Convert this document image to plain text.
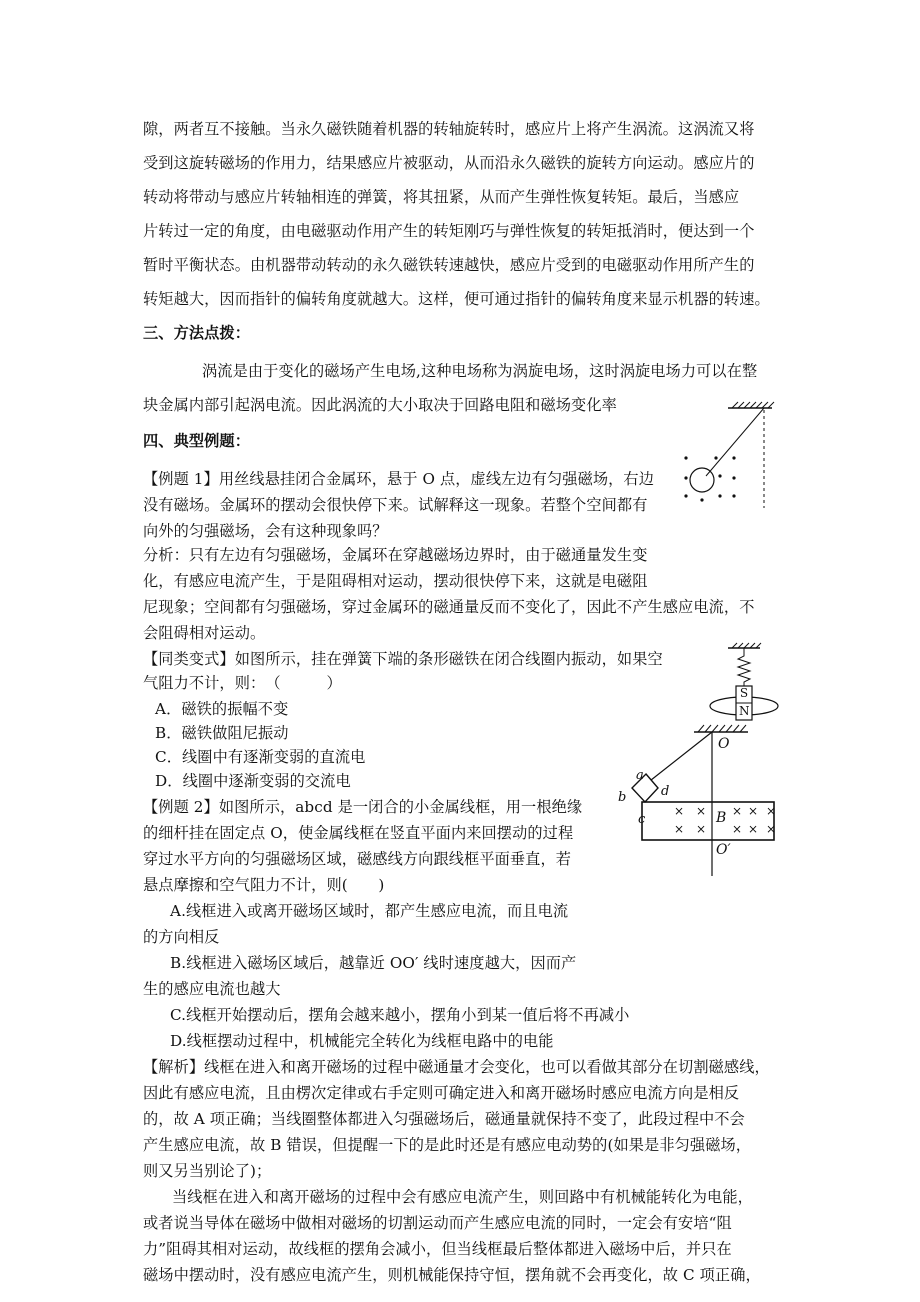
隙，两者互不接触。当永久磁铁随着机器的转轴旋转时，感应片上将产生涡流。这涡流又将
受到这旋转磁场的作用力，结果感应片被驱动，从而沿永久磁铁的旋转方向运动。感应片的
转动将带动与感应片转轴相连的弹簧，将其扭紧，从而产生弹性恢复转矩。最后，当感应
片转过一定的角度，由电磁驱动作用产生的转矩刚巧与弹性恢复的转矩抵消时，便达到一个
暂时平衡状态。由机器带动转动的永久磁铁转速越快，感应片受到的电磁驱动作用所产生的
转矩越大，因而指针的偏转角度就越大。这样，便可通过指针的偏转角度来显示机器的转速。
三、方法点拨：
涡流是由于变化的磁场产生电场,这种电场称为涡旋电场，这时涡旋电场力可以在整
块金属内部引起涡电流。因此涡流的大小取决于回路电阻和磁场变化率
四、典型例题：
【例题 1】用丝线悬挂闭合金属环，悬于 O 点，虚线左边有匀强磁场，右边
没有磁场。金属环的摆动会很快停下来。试解释这一现象。若整个空间都有
向外的匀强磁场，会有这种现象吗？
分析：只有左边有匀强磁场，金属环在穿越磁场边界时，由于磁通量发生变
化，有感应电流产生，于是阻碍相对运动，摆动很快停下来，这就是电磁阻
尼现象；空间都有匀强磁场，穿过金属环的磁通量反而不变化了，因此不产生感应电流，不
会阻碍相对运动。
【同类变式】如图所示，挂在弹簧下端的条形磁铁在闭合线圈内振动，如果空
气阻力不计，则：　（　　　）
A．磁铁的振幅不变
B．磁铁做阻尼振动
C．线圈中有逐渐变弱的直流电
D．线圈中逐渐变弱的交流电
S
N
【例题 2】如图所示，abcd 是一闭合的小金属线框，用一根绝缘
的细杆挂在固定点 O，使金属线框在竖直平面内来回摆动的过程
穿过水平方向的匀强磁场区域，磁感线方向跟线框平面垂直，若
悬点摩擦和空气阻力不计，则(　　)
A.线框进入或离开磁场区域时，都产生感应电流，而且电流
的方向相反
B.线框进入磁场区域后，越靠近 OO′ 线时速度越大，因而产
生的感应电流也越大
C.线框开始摆动后，摆角会越来越小，摆角小到某一值后将不再减小
D.线框摆动过程中，机械能完全转化为线框电路中的电能
O
O′
B
a
b
c
d
× × × × ×
× × × × ×
【解析】线框在进入和离开磁场的过程中磁通量才会变化，也可以看做其部分在切割磁感线，
因此有感应电流，且由楞次定律或右手定则可确定进入和离开磁场时感应电流方向是相反
的，故 A 项正确；当线圈整体都进入匀强磁场后，磁通量就保持不变了，此段过程中不会
产生感应电流，故 B 错误，但提醒一下的是此时还是有感应电动势的(如果是非匀强磁场，
则又另当别论了)；
当线框在进入和离开磁场的过程中会有感应电流产生，则回路中有机械能转化为电能，
或者说当导体在磁场中做相对磁场的切割运动而产生感应电流的同时，一定会有安培“阻
力”阻碍其相对运动，故线框的摆角会减小，但当线框最后整体都进入磁场中后，并只在
磁场中摆动时，没有感应电流产生，则机械能保持守恒，摆角就不会再变化，故 C 项正确，
